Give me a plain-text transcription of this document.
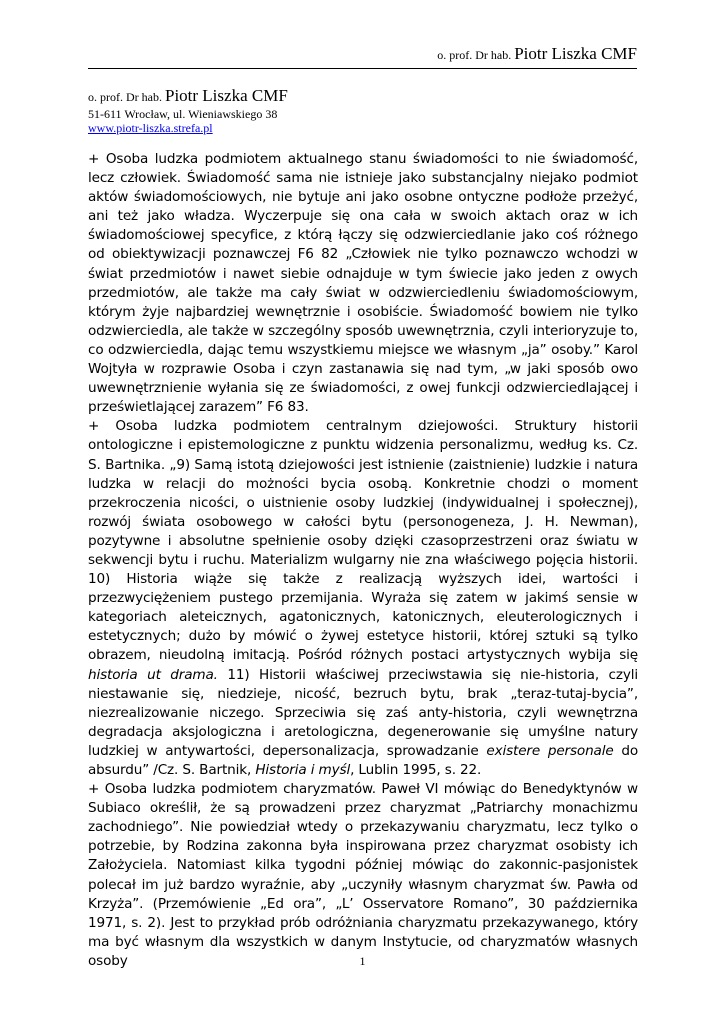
o. prof. Dr hab. Piotr Liszka CMF
o. prof. Dr hab. Piotr Liszka CMF
51-611 Wrocław, ul. Wieniawskiego 38
www.piotr-liszka.strefa.pl

+ Osoba ludzka podmiotem aktualnego stanu świadomości to nie świadomość, lecz człowiek. Świadomość sama nie istnieje jako substancjalny niejako podmiot aktów świadomościowych, nie bytuje ani jako osobne ontyczne podłoże przeżyć, ani też jako władza. Wyczerpuje się ona cała w swoich aktach oraz w ich świadomościowej specyfice, z którą łączy się odzwierciedlanie jako coś różnego od obiektywizacji poznawczej F6 82 „Człowiek nie tylko poznawczo wchodzi w świat przedmiotów i nawet siebie odnajduje w tym świecie jako jeden z owych przedmiotów, ale także ma cały świat w odzwierciedleniu świadomościowym, którym żyje najbardziej wewnętrznie i osobiście. Świadomość bowiem nie tylko odzwierciedla, ale także w szczególny sposób uwewnętrznia, czyli interioryzuje to, co odzwierciedla, dając temu wszystkiemu miejsce we własnym „ja” osoby.” Karol Wojtyła w rozprawie Osoba i czyn zastanawia się nad tym, „w jaki sposób owo uwewnętrznienie wyłania się ze świadomości, z owej funkcji odzwierciedlającej i prześwietlającej zarazem” F6 83.

+ Osoba ludzka podmiotem centralnym dziejowości. Struktury historii ontologiczne i epistemologiczne z punktu widzenia personalizmu, według ks. Cz. S. Bartnika. „9) Samą istotą dziejowości jest istnienie (zaistnienie) ludzkie i natura ludzka w relacji do możności bycia osobą. Konkretnie chodzi o moment przekroczenia nicości, o uistnienie osoby ludzkiej (indywidualnej i społecznej), rozwój świata osobowego w całości bytu (personogeneza, J. H. Newman), pozytywne i absolutne spełnienie osoby dzięki czasoprzestrzeni oraz światu w sekwencji bytu i ruchu. Materializm wulgarny nie zna właściwego pojęcia historii. 10) Historia wiąże się także z realizacją wyższych idei, wartości i przezwyciężeniem pustego przemijania. Wyraża się zatem w jakimś sensie w kategoriach aleteicznych, agatonicznych, katonicznych, eleuterologicznych i estetycznych; dużo by mówić o żywej estetyce historii, której sztuki są tylko obrazem, nieudolną imitacją. Pośród różnych postaci artystycznych wybija się historia ut drama. 11) Historii właściwej przeciwstawia się nie-historia, czyli niestawanie się, niedzieje, nicość, bezruch bytu, brak „teraz-tutaj-bycia”, niezrealizowanie niczego. Sprzeciwia się zaś anty-historia, czyli wewnętrzna degradacja aksjologiczna i aretologiczna, degenerowanie się umyślne natury ludzkiej w antywartości, depersonalizacja, sprowadzanie existere personale do absurdu” /Cz. S. Bartnik, Historia i myśl, Lublin 1995, s. 22.

+ Osoba ludzka podmiotem charyzmatów. Paweł VI mówiąc do Benedyktynów w Subiaco określił, że są prowadzeni przez charyzmat „Patriarchy monachizmu zachodniego”. Nie powiedział wtedy o przekazywaniu charyzmatu, lecz tylko o potrzebie, by Rodzina zakonna była inspirowana przez charyzmat osobisty ich Założyciela. Natomiast kilka tygodni później mówiąc do zakonnic-pasjonistek polecał im już bardzo wyraźnie, aby „uczyniły własnym charyzmat św. Pawła od Krzyża”. (Przemówienie „Ed ora”, „L’ Osservatore Romano”, 30 października 1971, s. 2). Jest to przykład prób odróżniania charyzmatu przekazywanego, który ma być własnym dla wszystkich w danym Instytucie, od charyzmatów własnych osoby	1
